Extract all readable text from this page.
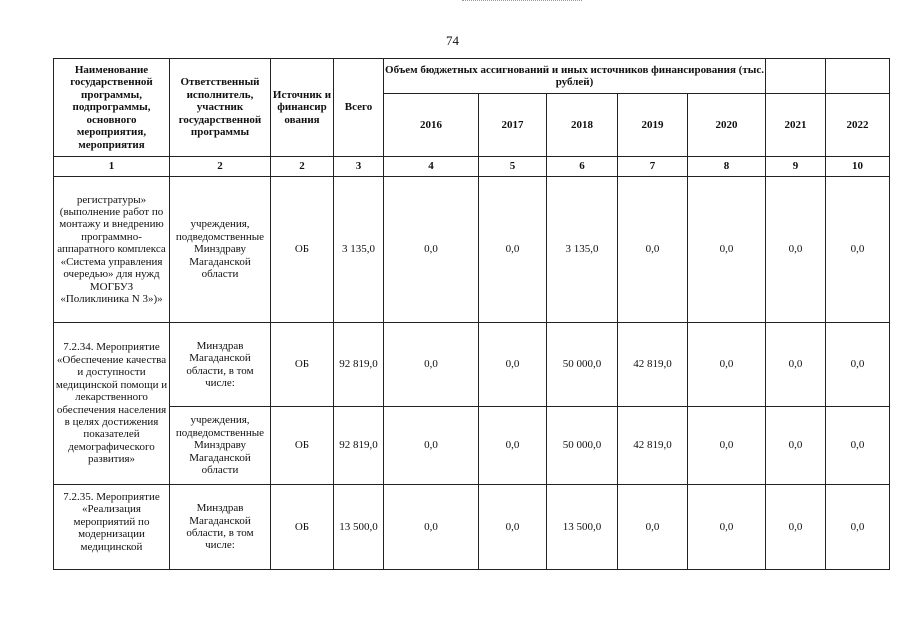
74
Наименование государственной программы, подпрограммы, основного мероприятия, мероприятия	Ответственный исполнитель, участник государственной программы	Источник и финансир ования	Всего	Объем бюджетных ассигнований и иных источников финансирования (тыс. рублей)						
				2016	2017	2018	2019	2020	2021	2022
1	2	2	3	4	5	6	7	8	9	10
регистратуры» (выполнение работ по монтажу и внедрению программно-аппаратного комплекса «Система управления очередью» для нужд МОГБУЗ «Поликлиника N 3»)»	учреждения, подведомственные Минздраву Магаданской области	ОБ	3 135,0	0,0	0,0	3 135,0	0,0	0,0	0,0	0,0
7.2.34. Мероприятие «Обеспечение качества и доступности медицинской помощи и лекарственного обеспечения населения в целях достижения показателей демографического развития»	Минздрав Магаданской области, в том числе:	ОБ	92 819,0	0,0	0,0	50 000,0	42 819,0	0,0	0,0	0,0
	учреждения, подведомственные Минздраву Магаданской области	ОБ	92 819,0	0,0	0,0	50 000,0	42 819,0	0,0	0,0	0,0
7.2.35. Мероприятие «Реализация мероприятий по модернизации медицинской	Минздрав Магаданской области, в том числе:	ОБ	13 500,0	0,0	0,0	13 500,0	0,0	0,0	0,0	0,0
